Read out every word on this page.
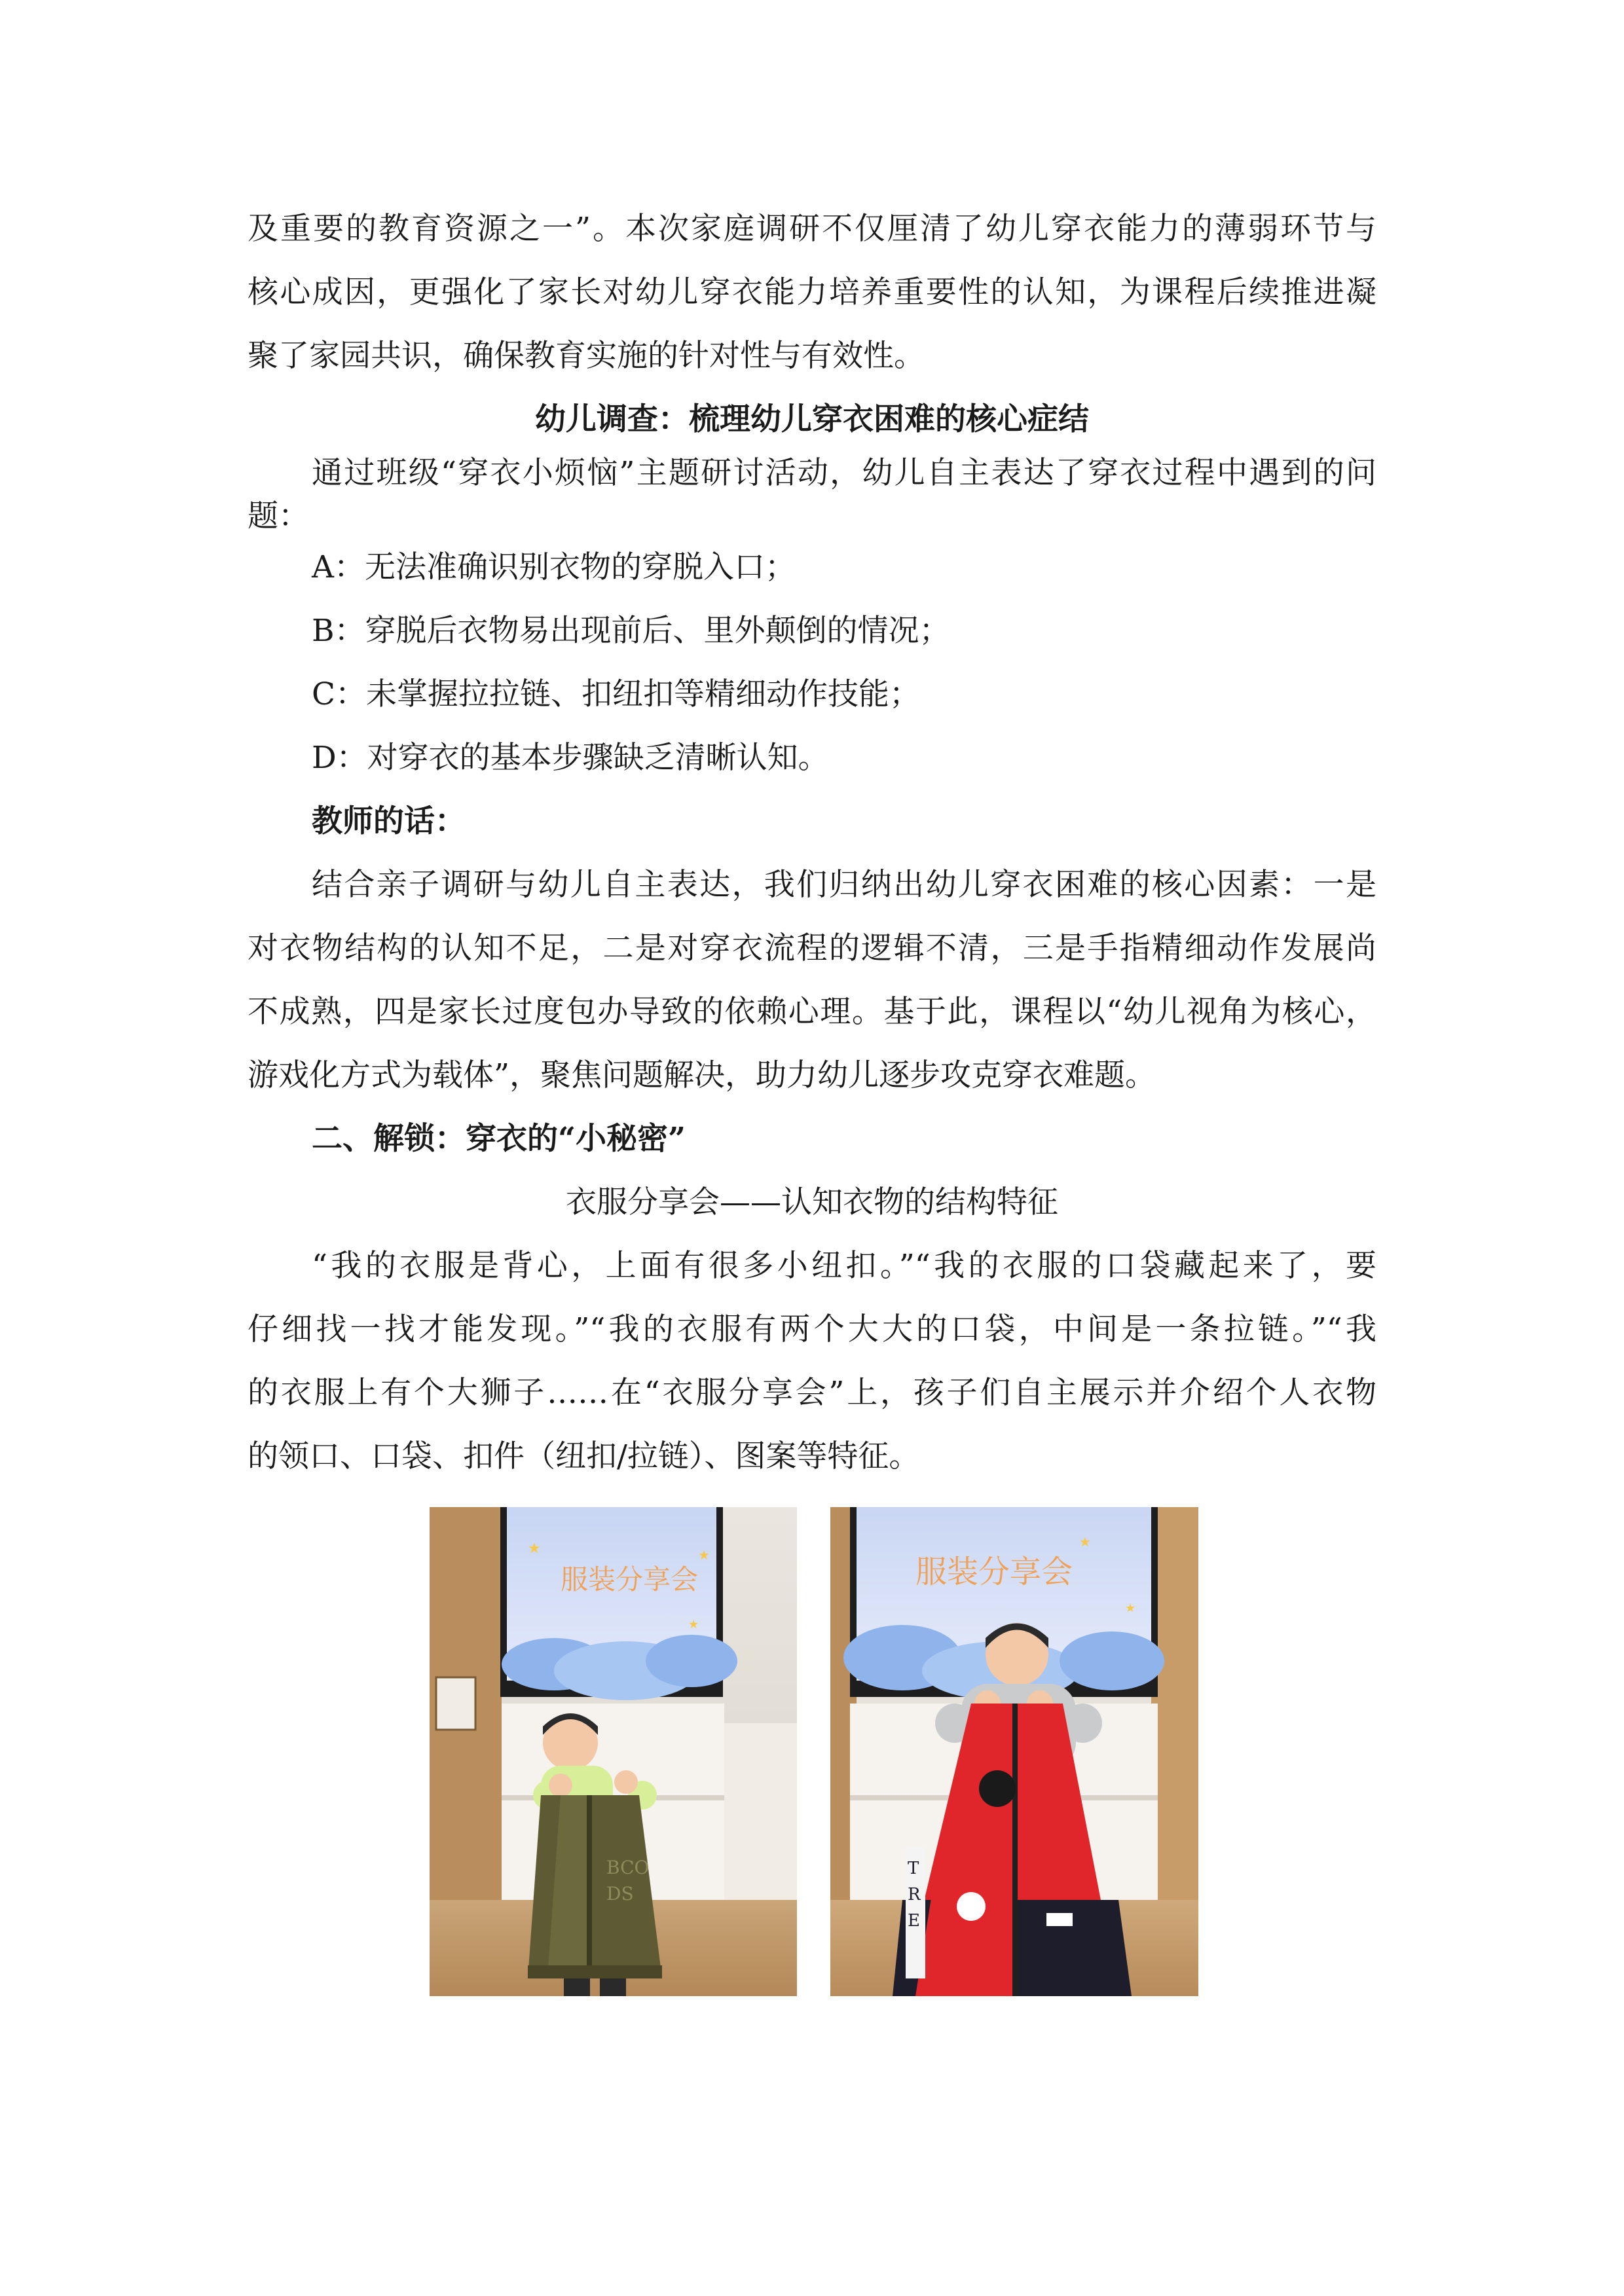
及重要的教育资源之一”。本次家庭调研不仅厘清了幼儿穿衣能力的薄弱环节与
核心成因，更强化了家长对幼儿穿衣能力培养重要性的认知，为课程后续推进凝
聚了家园共识，确保教育实施的针对性与有效性。
幼儿调查：梳理幼儿穿衣困难的核心症结
通过班级“穿衣小烦恼”主题研讨活动，幼儿自主表达了穿衣过程中遇到的问
题：
A：无法准确识别衣物的穿脱入口；
B：穿脱后衣物易出现前后、里外颠倒的情况；
C：未掌握拉拉链、扣纽扣等精细动作技能；
D：对穿衣的基本步骤缺乏清晰认知。
教师的话：
结合亲子调研与幼儿自主表达，我们归纳出幼儿穿衣困难的核心因素：一是
对衣物结构的认知不足，二是对穿衣流程的逻辑不清，三是手指精细动作发展尚
不成熟，四是家长过度包办导致的依赖心理。基于此，课程以“幼儿视角为核心，
游戏化方式为载体”，聚焦问题解决，助力幼儿逐步攻克穿衣难题。
二、解锁：穿衣的“小秘密”
衣服分享会——认知衣物的结构特征
“我的衣服是背心，上面有很多小纽扣。”“我的衣服的口袋藏起来了，要
仔细找一找才能发现。”“我的衣服有两个大大的口袋，中间是一条拉链。”“我
的衣服上有个大狮子……在“衣服分享会”上，孩子们自主展示并介绍个人衣物
的领口、口袋、扣件（纽扣/拉链）、图案等特征。
服装分享会
★	★
★
BCO
DS
服装分享会
★
★
T
R
E
